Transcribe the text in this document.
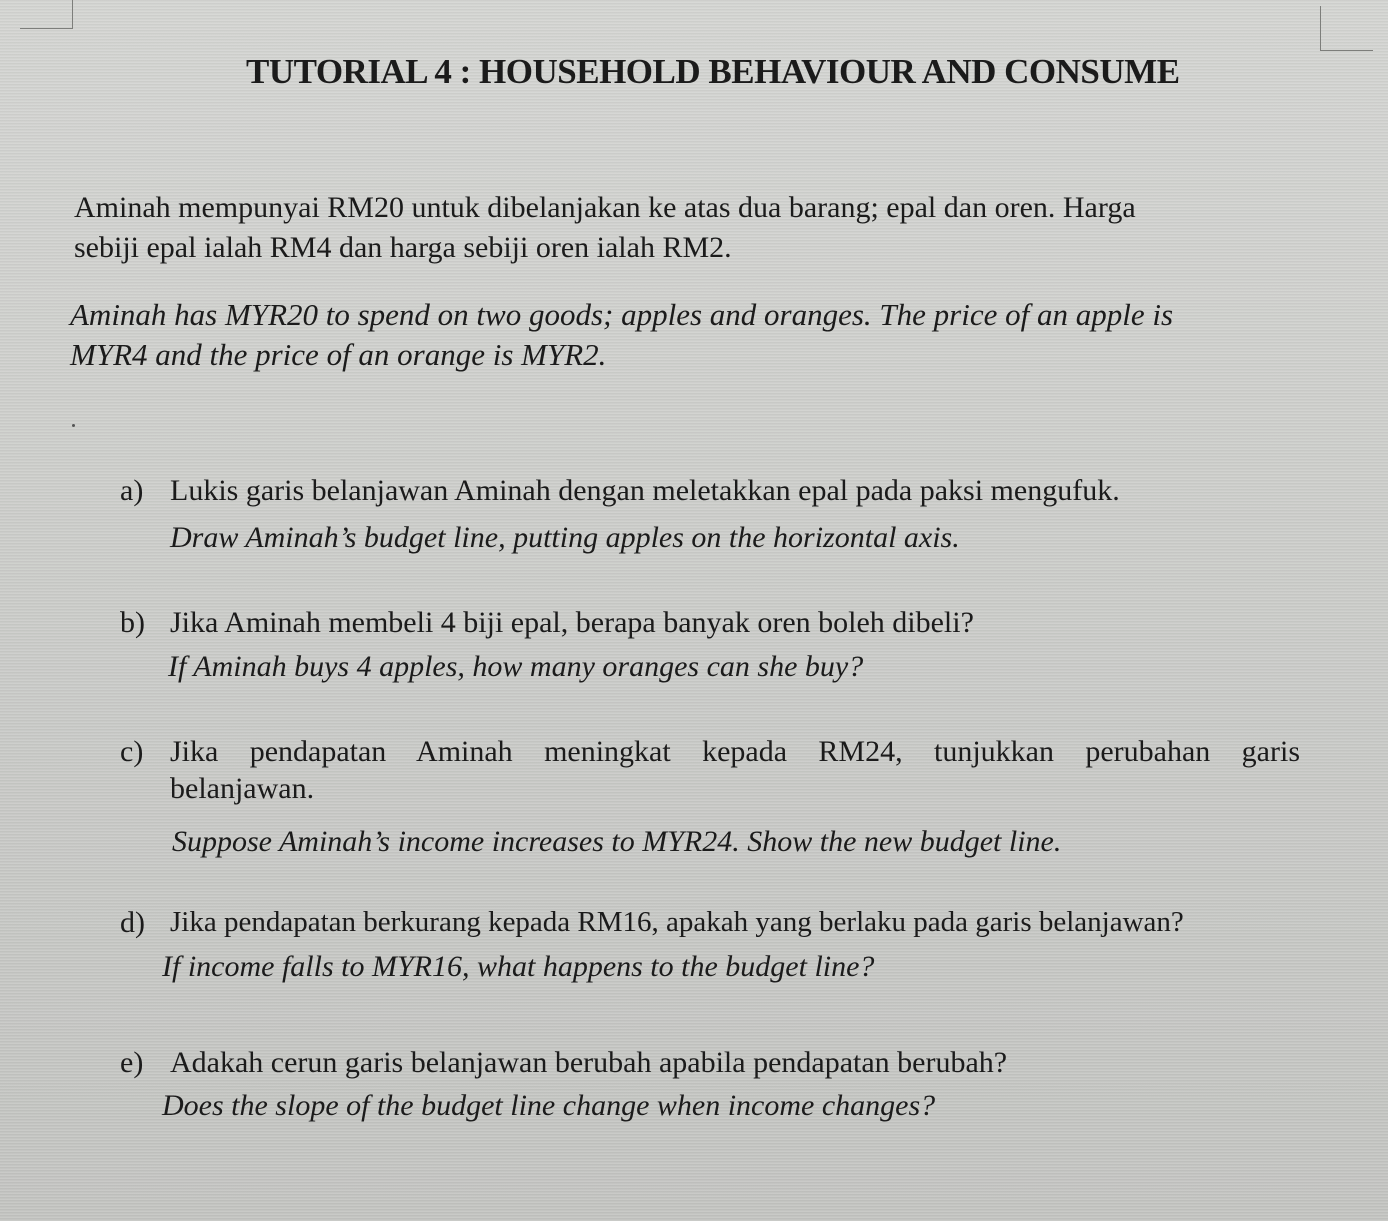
TUTORIAL 4 : HOUSEHOLD BEHAVIOUR AND CONSUME
Aminah mempunyai RM20 untuk dibelanjakan ke atas dua barang; epal dan oren. Harga
sebiji epal ialah RM4 dan harga sebiji oren ialah RM2.
Aminah has MYR20 to spend on two goods; apples and oranges. The price of an apple is
MYR4 and the price of an orange is MYR2.
a) Lukis garis belanjawan Aminah dengan meletakkan epal pada paksi mengufuk.
Draw Aminah’s budget line, putting apples on the horizontal axis.
b) Jika Aminah membeli 4 biji epal, berapa banyak oren boleh dibeli?
If Aminah buys 4 apples, how many oranges can she buy?
c) Jika pendapatan Aminah meningkat kepada RM24, tunjukkan perubahan garis
belanjawan.
Suppose Aminah’s income increases to MYR24. Show the new budget line.
d) Jika pendapatan berkurang kepada RM16, apakah yang berlaku pada garis belanjawan?
If income falls to MYR16, what happens to the budget line?
e) Adakah cerun garis belanjawan berubah apabila pendapatan berubah?
Does the slope of the budget line change when income changes?
